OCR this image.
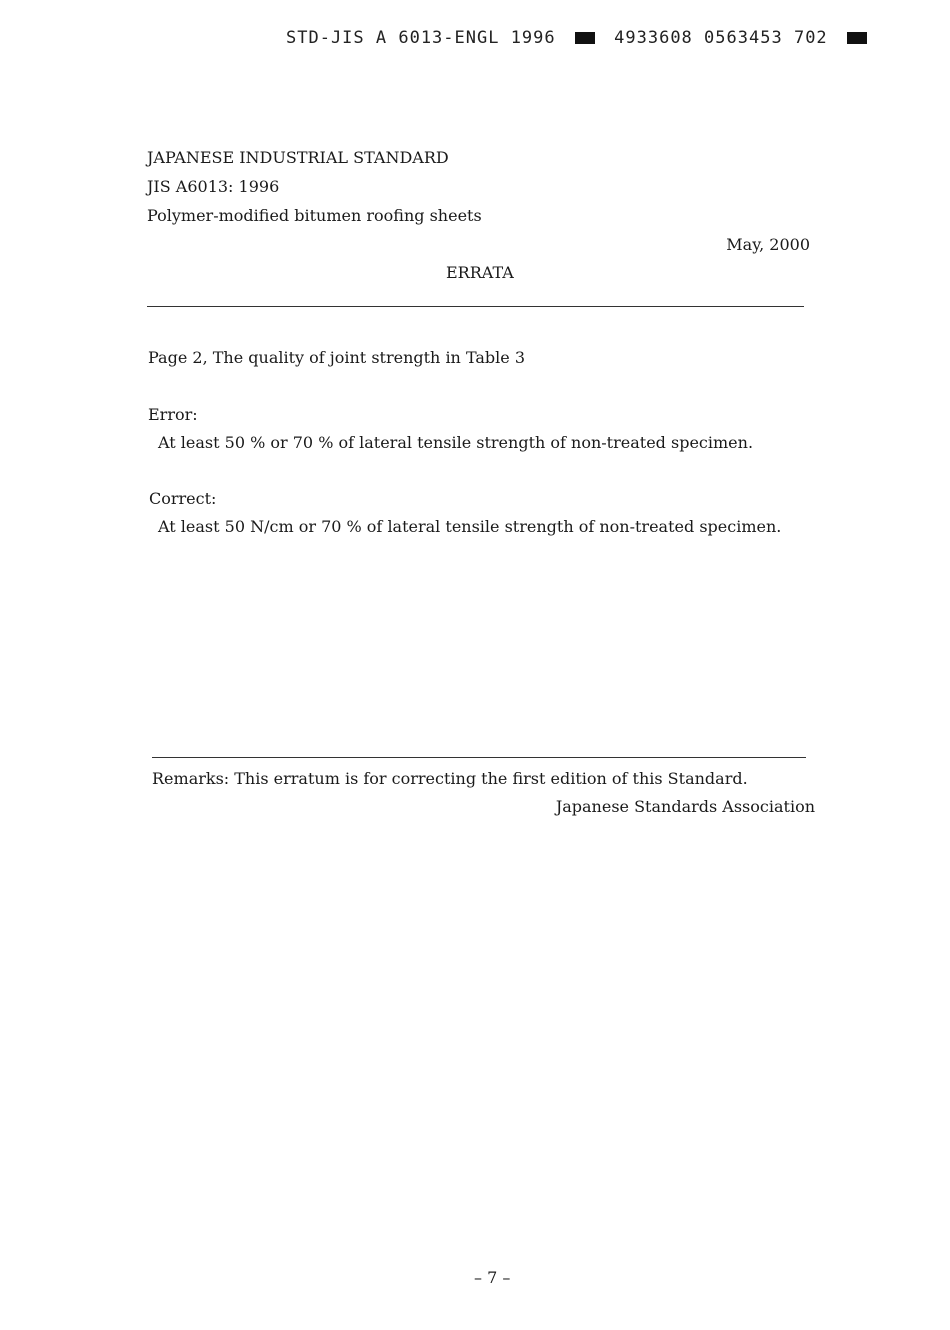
STD-JIS A 6013-ENGL 1996	4933608 0563453 702
JAPANESE INDUSTRIAL STANDARD
JIS A6013: 1996
Polymer-modified bitumen roofing sheets
May, 2000
ERRATA
Page 2, The quality of joint strength in Table 3
Error:
At least 50 % or 70 % of lateral tensile strength of non-treated specimen.
Correct:
At least 50 N/cm or 70 % of lateral tensile strength of non-treated specimen.
Remarks: This erratum is for correcting the first edition of this Standard.
Japanese Standards Association
– 7 –
